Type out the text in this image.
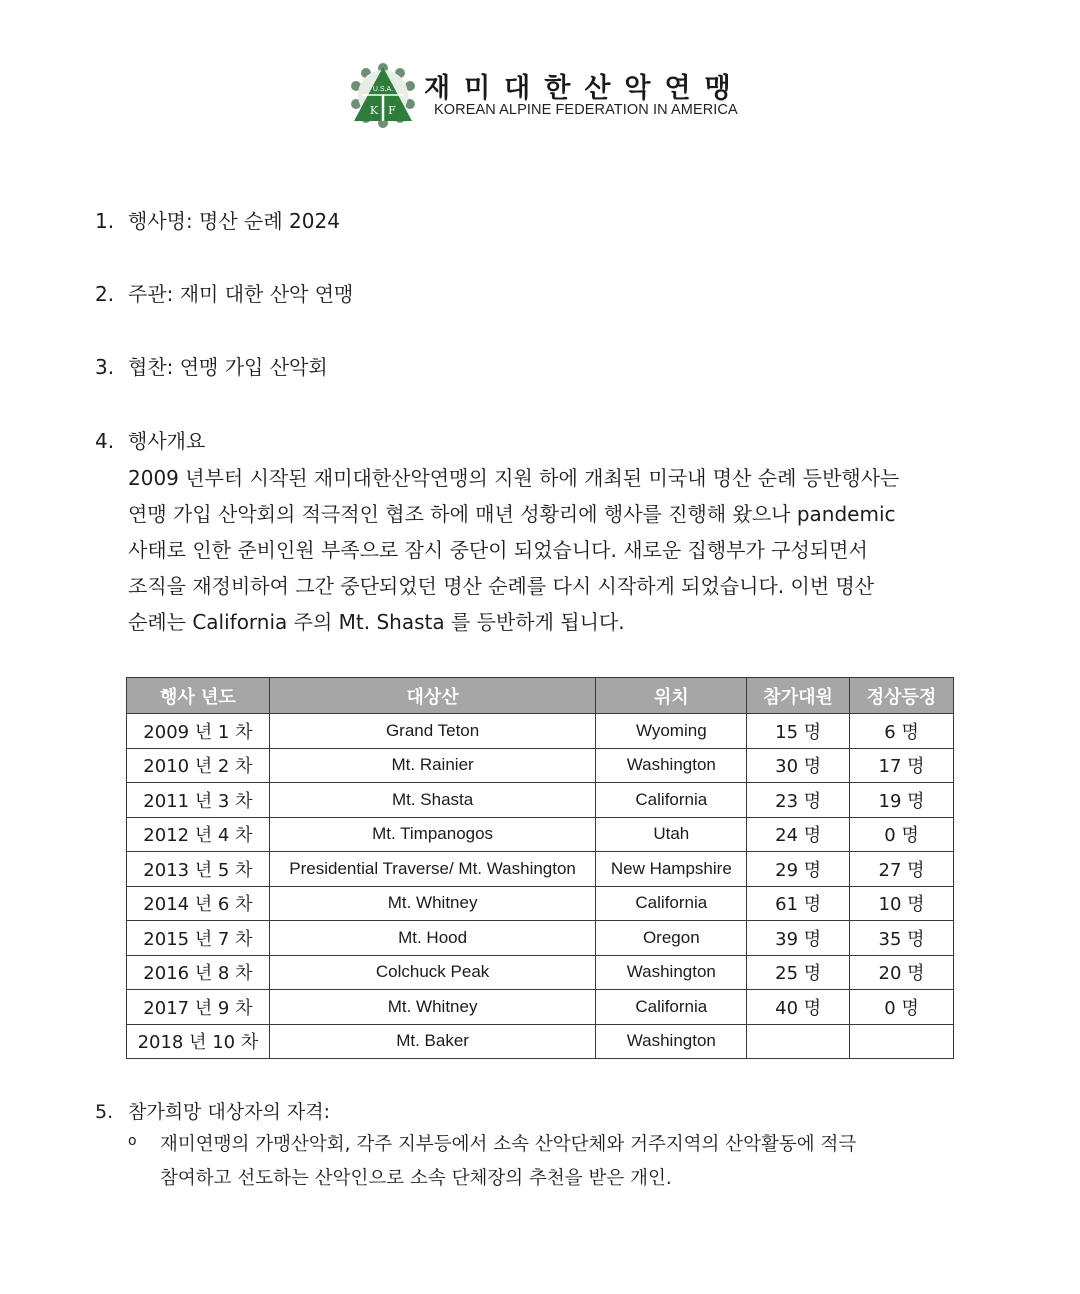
U.S.A.
K F
재미대한산악연맹
KOREAN ALPINE FEDERATION IN AMERICA
1. 행사명: 명산 순례 2024
2. 주관: 재미 대한 산악 연맹
3. 협찬: 연맹 가입 산악회
4. 행사개요
2009 년부터 시작된 재미대한산악연맹의 지원 하에 개최된 미국내 명산 순례 등반행사는
연맹 가입 산악회의 적극적인 협조 하에 매년 성황리에 행사를 진행해 왔으나 pandemic
사태로 인한 준비인원 부족으로 잠시 중단이 되었습니다. 새로운 집행부가 구성되면서
조직을 재정비하여 그간 중단되었던 명산 순례를 다시 시작하게 되었습니다. 이번 명산
순례는 California 주의 Mt. Shasta 를 등반하게 됩니다.
행사 년도	대상산	위치	참가대원	정상등정
2009 년 1 차	Grand Teton	Wyoming	15 명	6 명
2010 년 2 차	Mt. Rainier	Washington	30 명	17 명
2011 년 3 차	Mt. Shasta	California	23 명	19 명
2012 년 4 차	Mt. Timpanogos	Utah	24 명	0 명
2013 년 5 차	Presidential Traverse/ Mt. Washington	New Hampshire	29 명	27 명
2014 년 6 차	Mt. Whitney	California	61 명	10 명
2015 년 7 차	Mt. Hood	Oregon	39 명	35 명
2016 년 8 차	Colchuck Peak	Washington	25 명	20 명
2017 년 9 차	Mt. Whitney	California	40 명	0 명
2018 년 10 차	Mt. Baker	Washington		
5. 참가희망 대상자의 자격:
o 재미연맹의 가맹산악회, 각주 지부등에서 소속 산악단체와 거주지역의 산악활동에 적극
참여하고 선도하는 산악인으로 소속 단체장의 추천을 받은 개인.
